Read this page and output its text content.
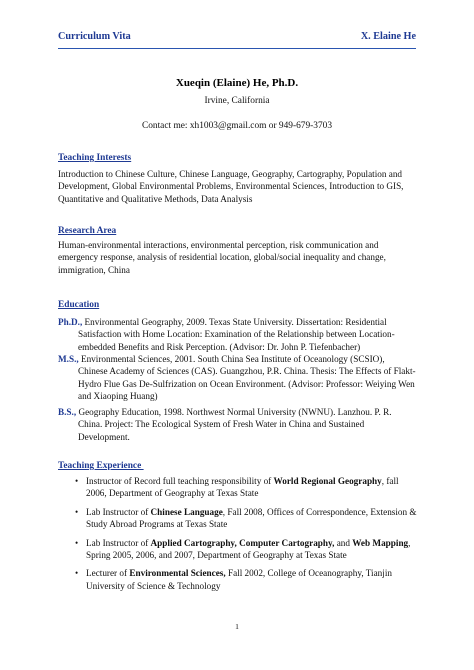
Curriculum Vita	X. Elaine He
Xueqin (Elaine) He, Ph.D.
Irvine, California
Contact me: xh1003@gmail.com or 949-679-3703
Teaching Interests
Introduction to Chinese Culture, Chinese Language, Geography, Cartography, Population and Development, Global Environmental Problems, Environmental Sciences, Introduction to GIS, Quantitative and Qualitative Methods, Data Analysis
Research Area
Human-environmental interactions, environmental perception, risk communication and emergency response, analysis of residential location, global/social inequality and change, immigration, China
Education
Ph.D., Environmental Geography, 2009. Texas State University. Dissertation: Residential
Satisfaction with Home Location: Examination of the Relationship between Location-embedded Benefits and Risk Perception. (Advisor: Dr. John P. Tiefenbacher)
M.S., Environmental Sciences, 2001. South China Sea Institute of Oceanology (SCSIO),
Chinese Academy of Sciences (CAS). Guangzhou, P.R. China. Thesis: The Effects of Flakt-Hydro Flue Gas De-Sulfrization on Ocean Environment. (Advisor: Professor: Weiying Wen and Xiaoping Huang)
B.S., Geography Education, 1998. Northwest Normal University (NWNU). Lanzhou. P. R.
China. Project: The Ecological System of Fresh Water in China and Sustained Development.
Teaching Experience
• Instructor of Record full teaching responsibility of World Regional Geography, fall 2006, Department of Geography at Texas State
• Lab Instructor of Chinese Language, Fall 2008, Offices of Correspondence, Extension & Study Abroad Programs at Texas State
• Lab Instructor of Applied Cartography, Computer Cartography, and Web Mapping, Spring 2005, 2006, and 2007, Department of Geography at Texas State
• Lecturer of Environmental Sciences, Fall 2002, College of Oceanography, Tianjin University of Science & Technology
1
